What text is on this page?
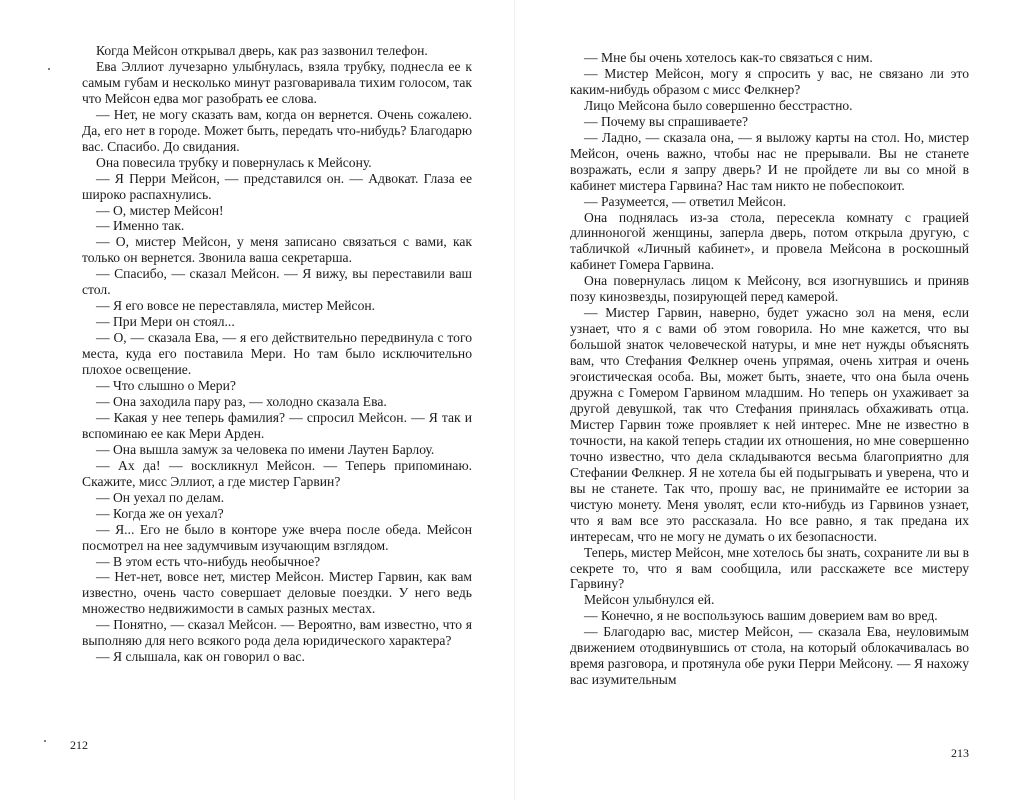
Когда Мейсон открывал дверь, как раз зазвонил телефон.

Ева Эллиот лучезарно улыбнулась, взяла трубку, поднесла ее к самым губам и несколько минут разговаривала тихим голосом, так что Мейсон едва мог разобрать ее слова.

— Нет, не могу сказать вам, когда он вернется. Очень сожалею. Да, его нет в городе. Может быть, передать что-нибудь? Благодарю вас. Спасибо. До свидания.

Она повесила трубку и повернулась к Мейсону.

— Я Перри Мейсон, — представился он. — Адвокат. Глаза ее широко распахнулись.

— О, мистер Мейсон!

— Именно так.

— О, мистер Мейсон, у меня записано связаться с вами, как только он вернется. Звонила ваша секретарша.

— Спасибо, — сказал Мейсон. — Я вижу, вы переставили ваш стол.

— Я его вовсе не переставляла, мистер Мейсон.

— При Мери он стоял...

— О, — сказала Ева, — я его действительно передвинула с того места, куда его поставила Мери. Но там было исключительно плохое освещение.

— Что слышно о Мери?

— Она заходила пару раз, — холодно сказала Ева.

— Какая у нее теперь фамилия? — спросил Мейсон. — Я так и вспоминаю ее как Мери Арден.

— Она вышла замуж за человека по имени Лаутен Барлоу.

— Ах да! — воскликнул Мейсон. — Теперь припоминаю. Скажите, мисс Эллиот, а где мистер Гарвин?

— Он уехал по делам.

— Когда же он уехал?

— Я... Его не было в конторе уже вчера после обеда. Мейсон посмотрел на нее задумчивым изучающим взглядом.

— В этом есть что-нибудь необычное?

— Нет-нет, вовсе нет, мистер Мейсон. Мистер Гарвин, как вам известно, очень часто совершает деловые поездки. У него ведь множество недвижимости в самых разных местах.

— Понятно, — сказал Мейсон. — Вероятно, вам известно, что я выполняю для него всякого рода дела юридического характера?

— Я слышала, как он говорил о вас.

212

— Мне бы очень хотелось как-то связаться с ним.

— Мистер Мейсон, могу я спросить у вас, не связано ли это каким-нибудь образом с мисс Фелкнер?

Лицо Мейсона было совершенно бесстрастно.

— Почему вы спрашиваете?

— Ладно, — сказала она, — я выложу карты на стол. Но, мистер Мейсон, очень важно, чтобы нас не прерывали. Вы не станете возражать, если я запру дверь? И не пройдете ли вы со мной в кабинет мистера Гарвина? Нас там никто не побеспокоит.

— Разумеется, — ответил Мейсон.

Она поднялась из-за стола, пересекла комнату с грацией длинноногой женщины, заперла дверь, потом открыла другую, с табличкой «Личный кабинет», и провела Мейсона в роскошный кабинет Гомера Гарвина.

Она повернулась лицом к Мейсону, вся изогнувшись и приняв позу кинозвезды, позирующей перед камерой.

— Мистер Гарвин, наверно, будет ужасно зол на меня, если узнает, что я с вами об этом говорила. Но мне кажется, что вы большой знаток человеческой натуры, и мне нет нужды объяснять вам, что Стефания Фелкнер очень упрямая, очень хитрая и очень эгоистическая особа. Вы, может быть, знаете, что она была очень дружна с Гомером Гарвином младшим. Но теперь он ухаживает за другой девушкой, так что Стефания принялась обхаживать отца. Мистер Гарвин тоже проявляет к ней интерес. Мне не известно в точности, на какой теперь стадии их отношения, но мне совершенно точно известно, что дела складываются весьма благоприятно для Стефании Фелкнер. Я не хотела бы ей подыгрывать и уверена, что и вы не станете. Так что, прошу вас, не принимайте ее истории за чистую монету. Меня уволят, если кто-нибудь из Гарвинов узнает, что я вам все это рассказала. Но все равно, я так предана их интересам, что не могу не думать о их безопасности.

Теперь, мистер Мейсон, мне хотелось бы знать, сохраните ли вы в секрете то, что я вам сообщила, или расскажете все мистеру Гарвину?

Мейсон улыбнулся ей.

— Конечно, я не воспользуюсь вашим доверием вам во вред.

— Благодарю вас, мистер Мейсон, — сказала Ева, неуловимым движением отодвинувшись от стола, на который облокачивалась во время разговора, и протянула обе руки Перри Мейсону. — Я нахожу вас изумительным

213
